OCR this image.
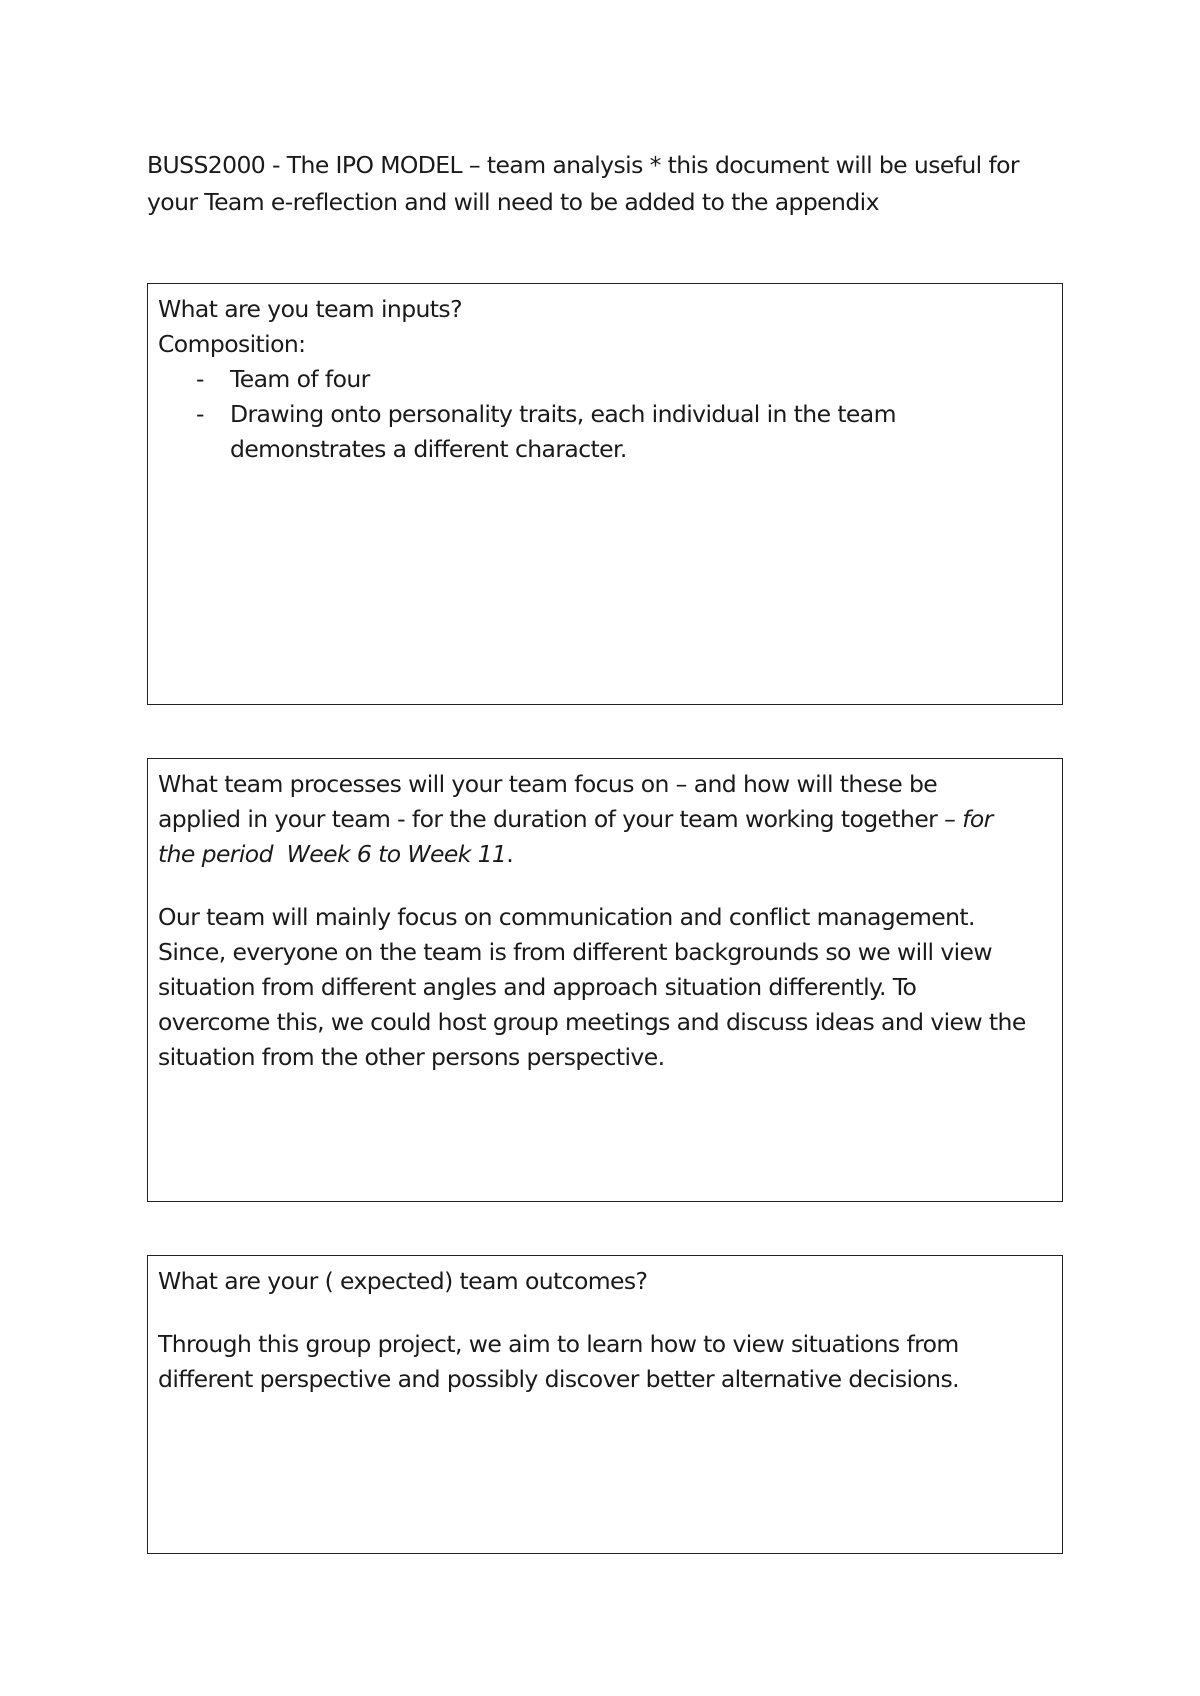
BUSS2000 - The IPO MODEL – team analysis * this document will be useful for
your Team e-reflection and will need to be added to the appendix
What are you team inputs?
Composition:
- Team of four
- Drawing onto personality traits, each individual in the team demonstrates a different character.
What team processes will your team focus on – and how will these be
applied in your team - for the duration of your team working together – for
the period  Week 6 to Week 11.
Our team will mainly focus on communication and conflict management.
Since, everyone on the team is from different backgrounds so we will view
situation from different angles and approach situation differently. To
overcome this, we could host group meetings and discuss ideas and view the
situation from the other persons perspective.
What are your ( expected) team outcomes?
Through this group project, we aim to learn how to view situations from
different perspective and possibly discover better alternative decisions.
